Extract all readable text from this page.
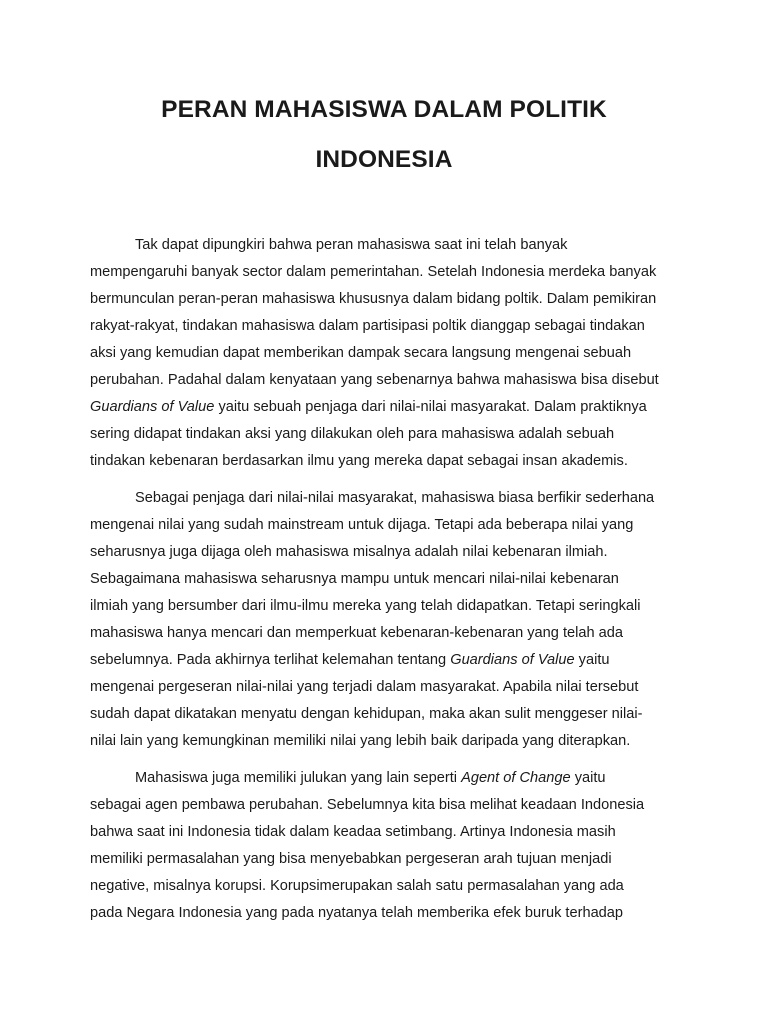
PERAN MAHASISWA DALAM POLITIK
INDONESIA

Tak dapat dipungkiri bahwa peran mahasiswa saat ini telah banyak
mempengaruhi banyak sector dalam pemerintahan. Setelah Indonesia merdeka banyak
bermunculan peran-peran mahasiswa khususnya dalam bidang poltik. Dalam pemikiran
rakyat-rakyat, tindakan mahasiswa dalam partisipasi poltik dianggap sebagai tindakan
aksi yang kemudian dapat memberikan dampak secara langsung mengenai sebuah
perubahan. Padahal dalam kenyataan yang sebenarnya bahwa mahasiswa bisa disebut
Guardians of Value yaitu sebuah penjaga dari nilai-nilai masyarakat. Dalam praktiknya
sering didapat tindakan aksi yang dilakukan oleh para mahasiswa adalah sebuah
tindakan kebenaran berdasarkan ilmu yang mereka dapat sebagai insan akademis.

Sebagai penjaga dari nilai-nilai masyarakat, mahasiswa biasa berfikir sederhana
mengenai nilai yang sudah mainstream untuk dijaga. Tetapi ada beberapa nilai yang
seharusnya juga dijaga oleh mahasiswa misalnya adalah nilai kebenaran ilmiah.
Sebagaimana mahasiswa seharusnya mampu untuk mencari nilai-nilai kebenaran
ilmiah yang bersumber dari ilmu-ilmu mereka yang telah didapatkan. Tetapi seringkali
mahasiswa hanya mencari dan memperkuat kebenaran-kebenaran yang telah ada
sebelumnya. Pada akhirnya terlihat kelemahan tentang Guardians of Value yaitu
mengenai pergeseran nilai-nilai yang terjadi dalam masyarakat. Apabila nilai tersebut
sudah dapat dikatakan menyatu dengan kehidupan, maka akan sulit menggeser nilai-
nilai lain yang kemungkinan memiliki nilai yang lebih baik daripada yang diterapkan.

Mahasiswa juga memiliki julukan yang lain seperti Agent of Change yaitu
sebagai agen pembawa perubahan. Sebelumnya kita bisa melihat keadaan Indonesia
bahwa saat ini Indonesia tidak dalam keadaa setimbang. Artinya Indonesia masih
memiliki permasalahan yang bisa menyebabkan pergeseran arah tujuan menjadi
negative, misalnya korupsi. Korupsimerupakan salah satu permasalahan yang ada
pada Negara Indonesia yang pada nyatanya telah memberika efek buruk terhadap
